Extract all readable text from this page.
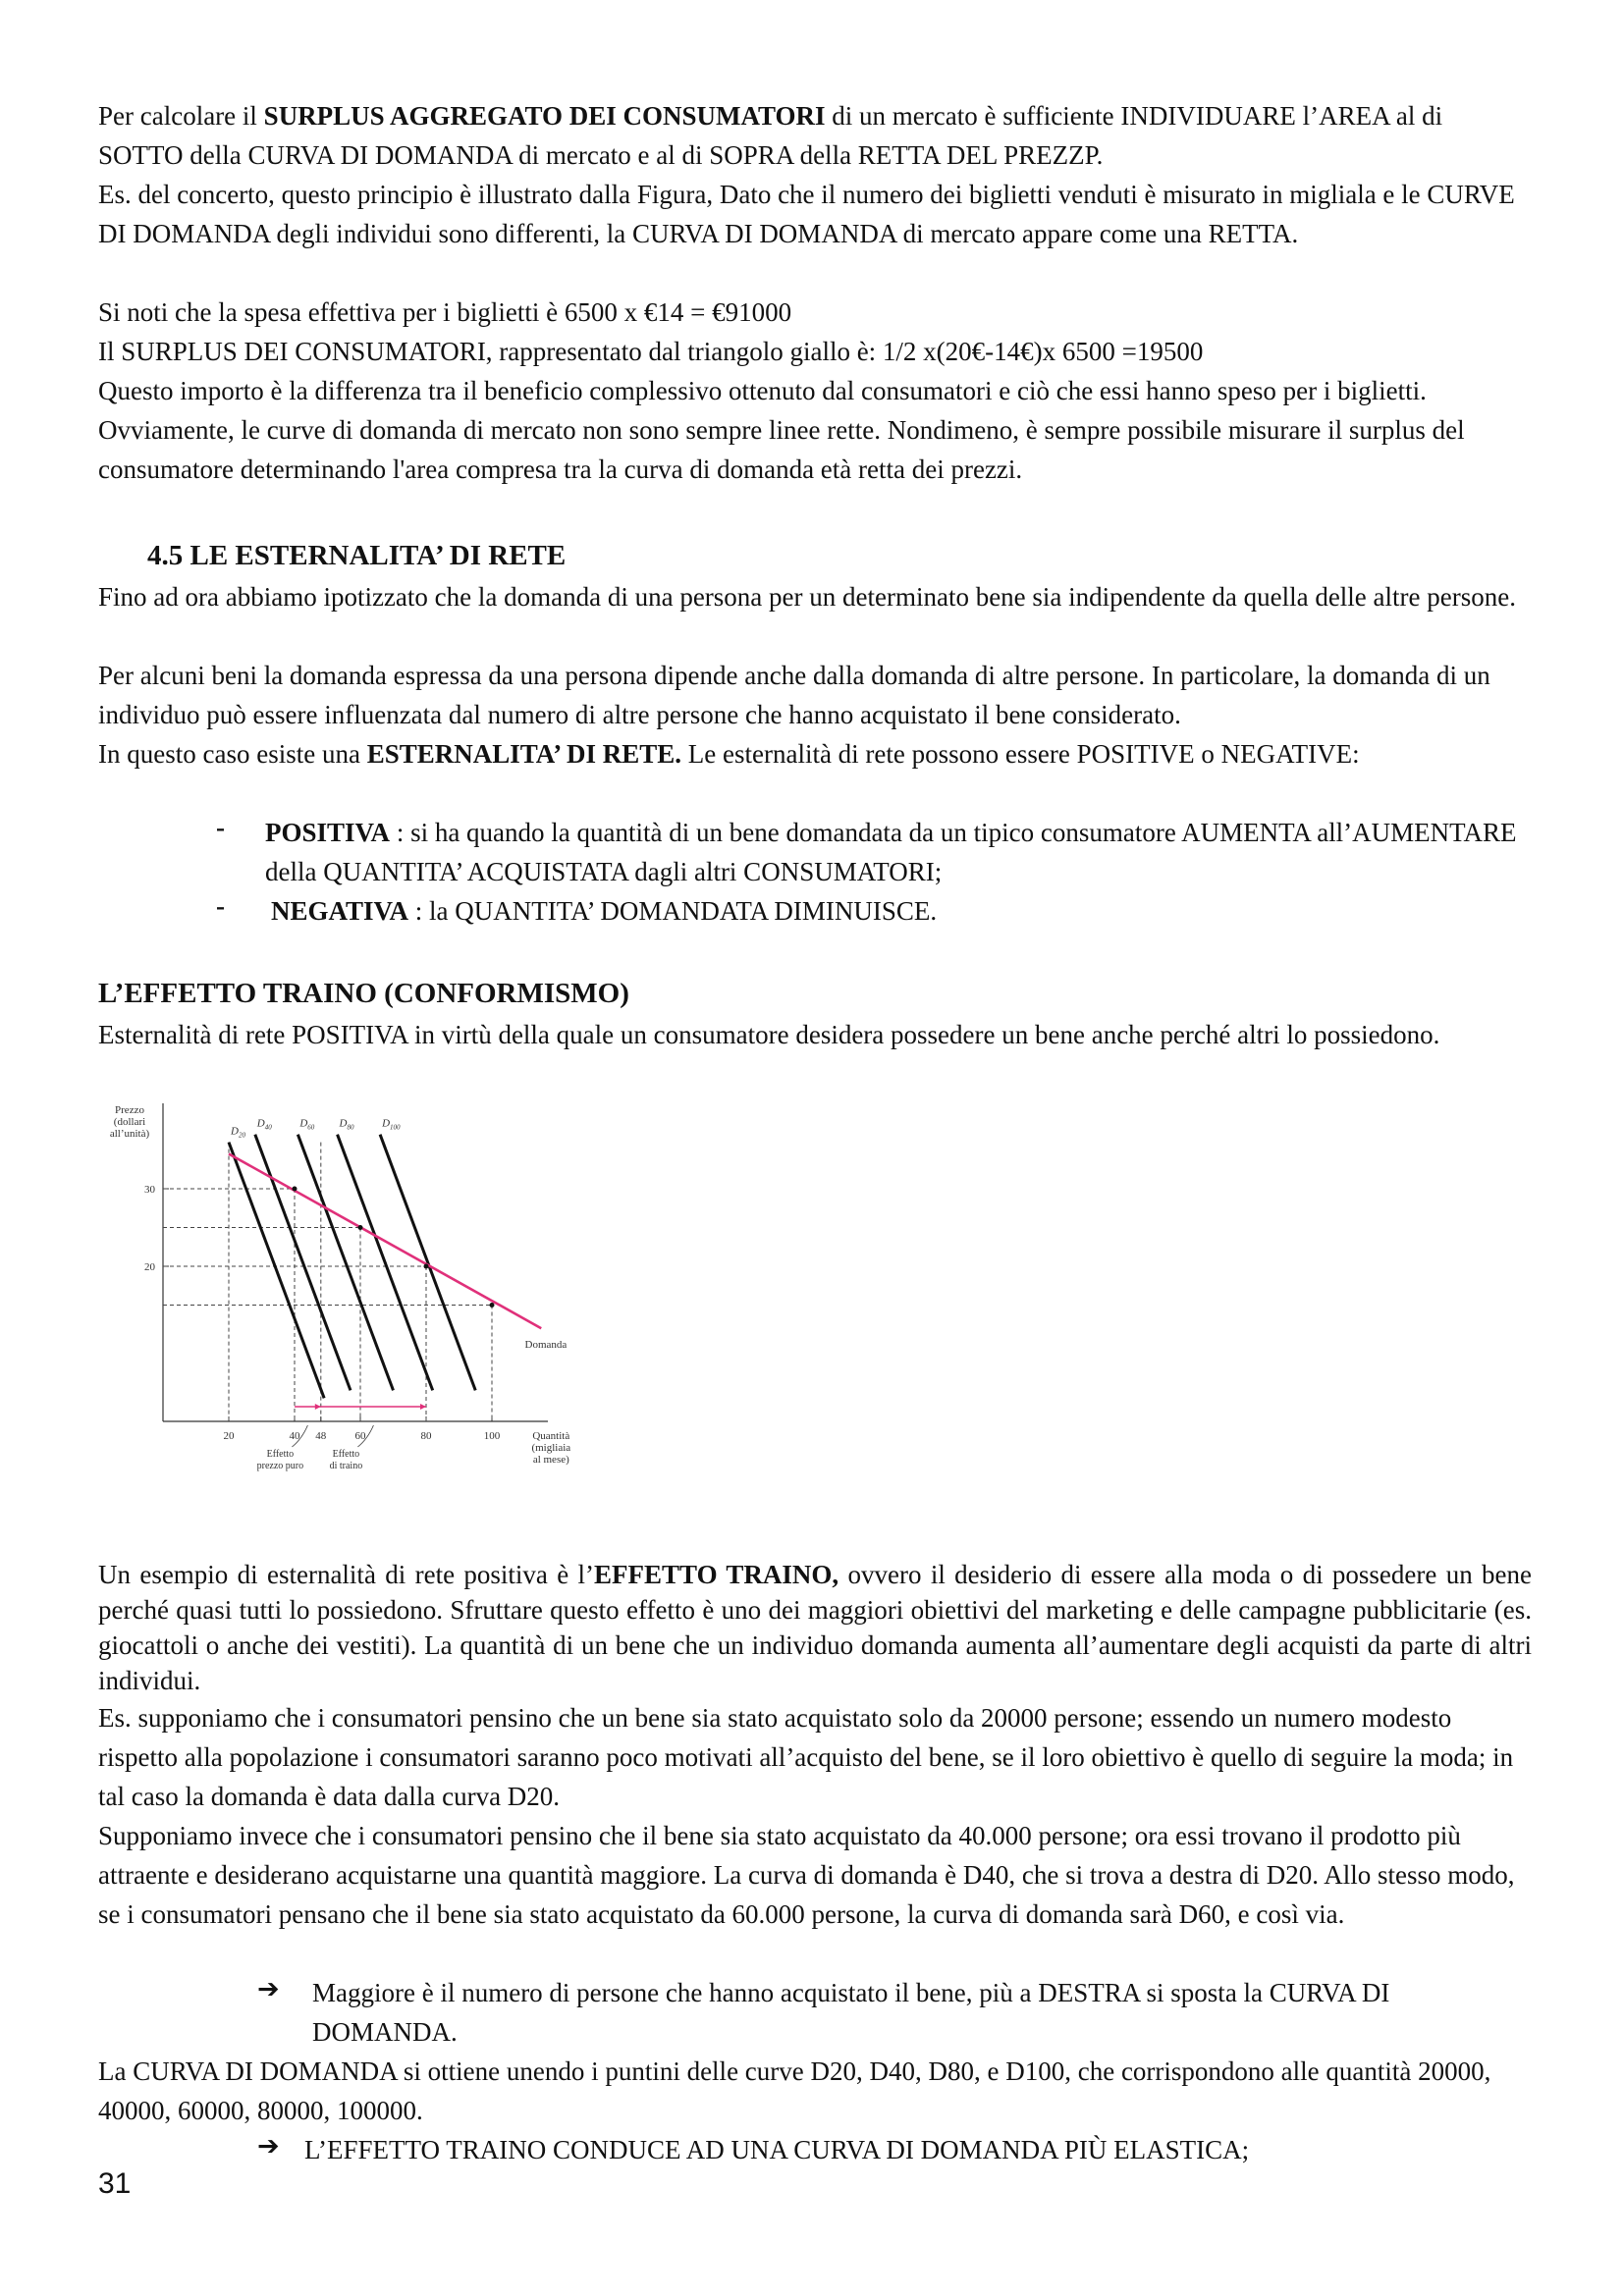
Per calcolare il SURPLUS AGGREGATO DEI CONSUMATORI di un mercato è sufficiente INDIVIDUARE l’AREA al di SOTTO della CURVA DI DOMANDA di mercato e al di SOPRA della RETTA DEL PREZZP.

Es. del concerto, questo principio è illustrato dalla Figura, Dato che il numero dei biglietti venduti è misurato in migliala e le CURVE DI DOMANDA degli individui sono differenti, la CURVA DI DOMANDA di mercato appare come una RETTA.

Si noti che la spesa effettiva per i biglietti è 6500 x €14 = €91000

Il SURPLUS DEI CONSUMATORI, rappresentato dal triangolo giallo è: 1/2 x(20€-14€)x 6500 =19500

Questo importo è la differenza tra il beneficio complessivo ottenuto dal consumatori e ciò che essi hanno speso per i biglietti. Ovviamente, le curve di domanda di mercato non sono sempre linee rette. Nondimeno, è sempre possibile misurare il surplus del consumatore determinando l'area compresa tra la curva di domanda età retta dei prezzi.

4.5 LE ESTERNALITA’ DI RETE

Fino ad ora abbiamo ipotizzato che la domanda di una persona per un determinato bene sia indipendente da quella delle altre persone.

Per alcuni beni la domanda espressa da una persona dipende anche dalla domanda di altre persone. In particolare, la domanda di un individuo può essere influenzata dal numero di altre persone che hanno acquistato il bene considerato.

In questo caso esiste una ESTERNALITA’ DI RETE. Le esternalità di rete possono essere POSITIVE o NEGATIVE:

- POSITIVA : si ha quando la quantità di un bene domandata da un tipico consumatore AUMENTA all’AUMENTARE della QUANTITA’ ACQUISTATA dagli altri CONSUMATORI;

- NEGATIVA : la QUANTITA’ DOMANDATA DIMINUISCE.

L’EFFETTO TRAINO (CONFORMISMO)

Esternalità di rete POSITIVA in virtù della quale un consumatore desidera possedere un bene anche perché altri lo possiedono.

Prezzo (dollari all’unità)
30
20
20	40 48	60	80	100	Quantità (migliaia al mese)
$D_{20}$
$D_{40}$	$D_{60}$ $D_{80}$	$D_{100}$
Domanda
Effetto prezzo puro
Effetto di traino

Un esempio di esternalità di rete positiva è l’EFFETTO TRAINO, ovvero il desiderio di essere alla moda o di possedere un bene perché quasi tutti lo possiedono. Sfruttare questo effetto è uno dei maggiori obiettivi del marketing e delle campagne pubblicitarie (es. giocattoli o anche dei vestiti). La quantità di un bene che un individuo domanda aumenta all’aumentare degli acquisti da parte di altri individui.

Es. supponiamo che i consumatori pensino che un bene sia stato acquistato solo da 20000 persone; essendo un numero modesto rispetto alla popolazione i consumatori saranno poco motivati all’acquisto del bene, se il loro obiettivo è quello di seguire la moda; in tal caso la domanda è data dalla curva D20.

Supponiamo invece che i consumatori pensino che il bene sia stato acquistato da 40.000 persone; ora essi trovano il prodotto più attraente e desiderano acquistarne una quantità maggiore. La curva di domanda è D40, che si trova a destra di D20. Allo stesso modo, se i consumatori pensano che il bene sia stato acquistato da 60.000 persone, la curva di domanda sarà D60, e così via.

➔ Maggiore è il numero di persone che hanno acquistato il bene, più a DESTRA si sposta la CURVA DI DOMANDA.

La CURVA DI DOMANDA si ottiene unendo i puntini delle curve D20, D40, D80, e D100, che corrispondono alle quantità 20000, 40000, 60000, 80000, 100000.

➔ L’EFFETTO TRAINO CONDUCE AD UNA CURVA DI DOMANDA PIÙ ELASTICA;

31
